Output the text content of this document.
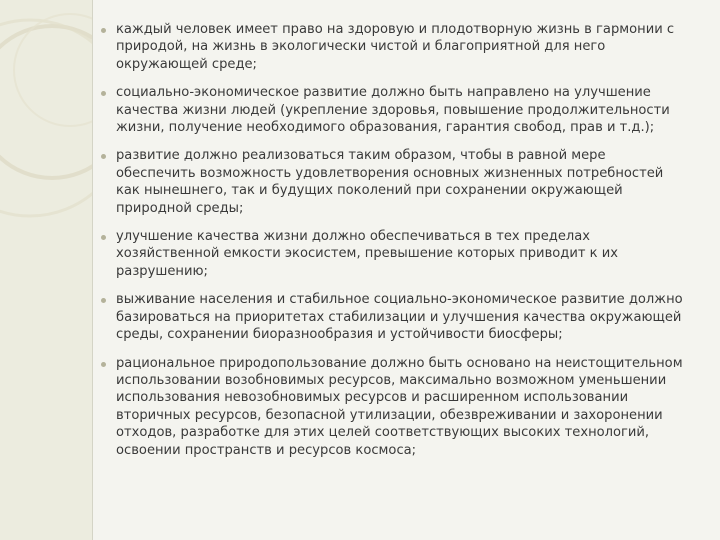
каждый человек имеет право на здоровую и плодотворную жизнь в гармонии с природой, на жизнь в экологически чистой и благоприятной для него окружающей среде;
социально-экономическое развитие должно быть направлено на улучшение качества жизни людей (укрепление здоровья, повышение продолжительности жизни, получение необходимого образования, гарантия свобод, прав и т.д.);
развитие должно реализоваться таким образом, чтобы в равной мере обеспечить возможность удовлетворения основных жизненных потребностей как нынешнего, так и будущих поколений при сохранении окружающей природной среды;
улучшение качества жизни должно обеспечиваться в тех пределах хозяйственной емкости экосистем, превышение которых приводит к их разрушению;
выживание населения и стабильное социально-экономическое развитие должно базироваться на приоритетах стабилизации и улучшения качества окружающей среды, сохранении биоразнообразия и устойчивости биосферы;
рациональное природопользование должно быть основано на неистощительном использовании возобновимых ресурсов, максимально возможном уменьшении использования невозобновимых ресурсов и расширенном использовании вторичных ресурсов, безопасной утилизации, обезвреживании и захоронении отходов, разработке для этих целей соответствующих высоких технологий, освоении пространств и ресурсов космоса;
